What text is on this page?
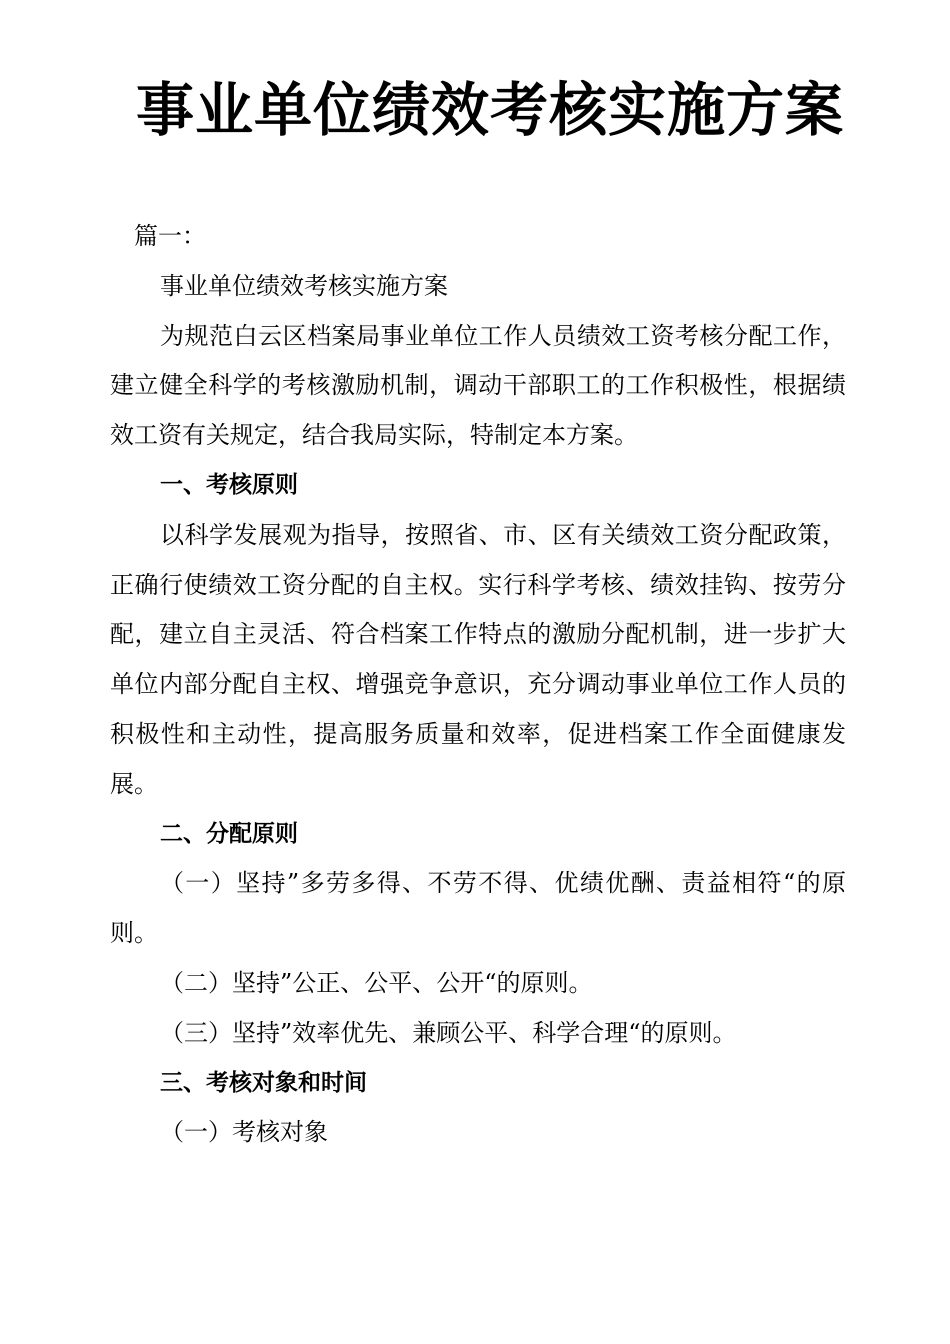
事业单位绩效考核实施方案

篇一：

事业单位绩效考核实施方案

为规范白云区档案局事业单位工作人员绩效工资考核分配工作，建立健全科学的考核激励机制，调动干部职工的工作积极性，根据绩效工资有关规定，结合我局实际，特制定本方案。

一、考核原则

以科学发展观为指导，按照省、市、区有关绩效工资分配政策，正确行使绩效工资分配的自主权。实行科学考核、绩效挂钩、按劳分配，建立自主灵活、符合档案工作特点的激励分配机制，进一步扩大单位内部分配自主权、增强竞争意识，充分调动事业单位工作人员的积极性和主动性，提高服务质量和效率，促进档案工作全面健康发展。

二、分配原则

（一）坚持”多劳多得、不劳不得、优绩优酬、责益相符“的原则。

（二）坚持”公正、公平、公开“的原则。

（三）坚持”效率优先、兼顾公平、科学合理“的原则。

三、考核对象和时间

（一）考核对象
